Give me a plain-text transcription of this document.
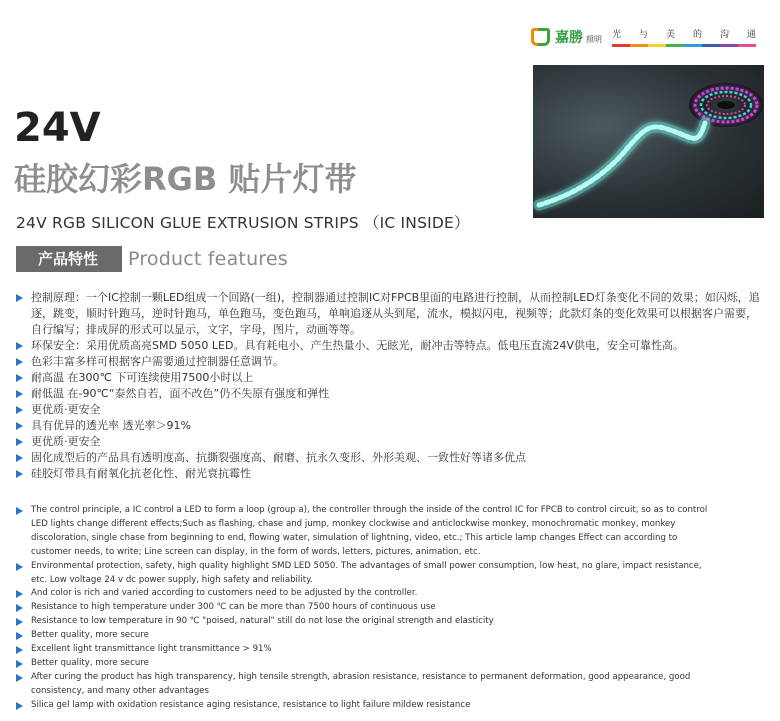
嘉勝 照明 光 与 美 的 沟 通
24V
硅胶幻彩RGB 贴片灯带
24V RGB SILICON GLUE EXTRUSION STRIPS （IC INSIDE）
产品特性	Product features
控制原理：一个IC控制一颗LED组成一个回路(一组)，控制器通过控制IC对FPCB里面的电路进行控制，从而控制LED灯条变化不同的效果；如闪烁，追逐，跳变，顺时针跑马，逆时针跑马，单色跑马，变色跑马，单响追逐从头到尾，流水，模拟闪电，视频等；此款灯条的变化效果可以根据客户需要，自行编写；排成屏的形式可以显示，文字，字母，图片，动画等等。
环保安全：采用优质高亮SMD 5050 LED。具有耗电小、产生热量小、无眩光，耐冲击等特点。低电压直流24V供电，安全可靠性高。
色彩丰富多样可根据客户需要通过控制器任意调节。
耐高温 在300℃ 下可连续使用7500小时以上
耐低温 在-90℃“泰然自若，面不改色”仍不失原有强度和弹性
更优质·更安全
具有优异的透光率 透光率＞91%
更优质·更安全
固化成型后的产品具有透明度高、抗撕裂强度高、耐磨、抗永久变形、外形美观、一致性好等诸多优点
硅胶灯带具有耐氧化抗老化性、耐光衰抗霉性
The control principle, a IC control a LED to form a loop (group a), the controller through the inside of the control IC for FPCB to control circuit, so as to control LED lights change different effects;Such as flashing, chase and jump, monkey clockwise and anticlockwise monkey, monochromatic monkey, monkey discoloration, single chase from beginning to end, flowing water, simulation of lightning, video, etc.; This article lamp changes Effect can according to customer needs, to write; Line screen can display, in the form of words, letters, pictures, animation, etc.
Environmental protection, safety, high quality highlight SMD LED 5050. The advantages of small power consumption, low heat, no glare, impact resistance, etc. Low voltage 24 v dc power supply, high safety and reliability.
And color is rich and varied according to customers need to be adjusted by the controller.
Resistance to high temperature under 300 ℃ can be more than 7500 hours of continuous use
Resistance to low temperature in 90 ℃ "poised, natural" still do not lose the original strength and elasticity
Better quality, more secure
Excellent light transmittance light transmittance > 91%
Better quality, more secure
After curing the product has high transparency, high tensile strength, abrasion resistance, resistance to permanent deformation, good appearance, good consistency, and many other advantages
Silica gel lamp with oxidation resistance aging resistance, resistance to light failure mildew resistance
